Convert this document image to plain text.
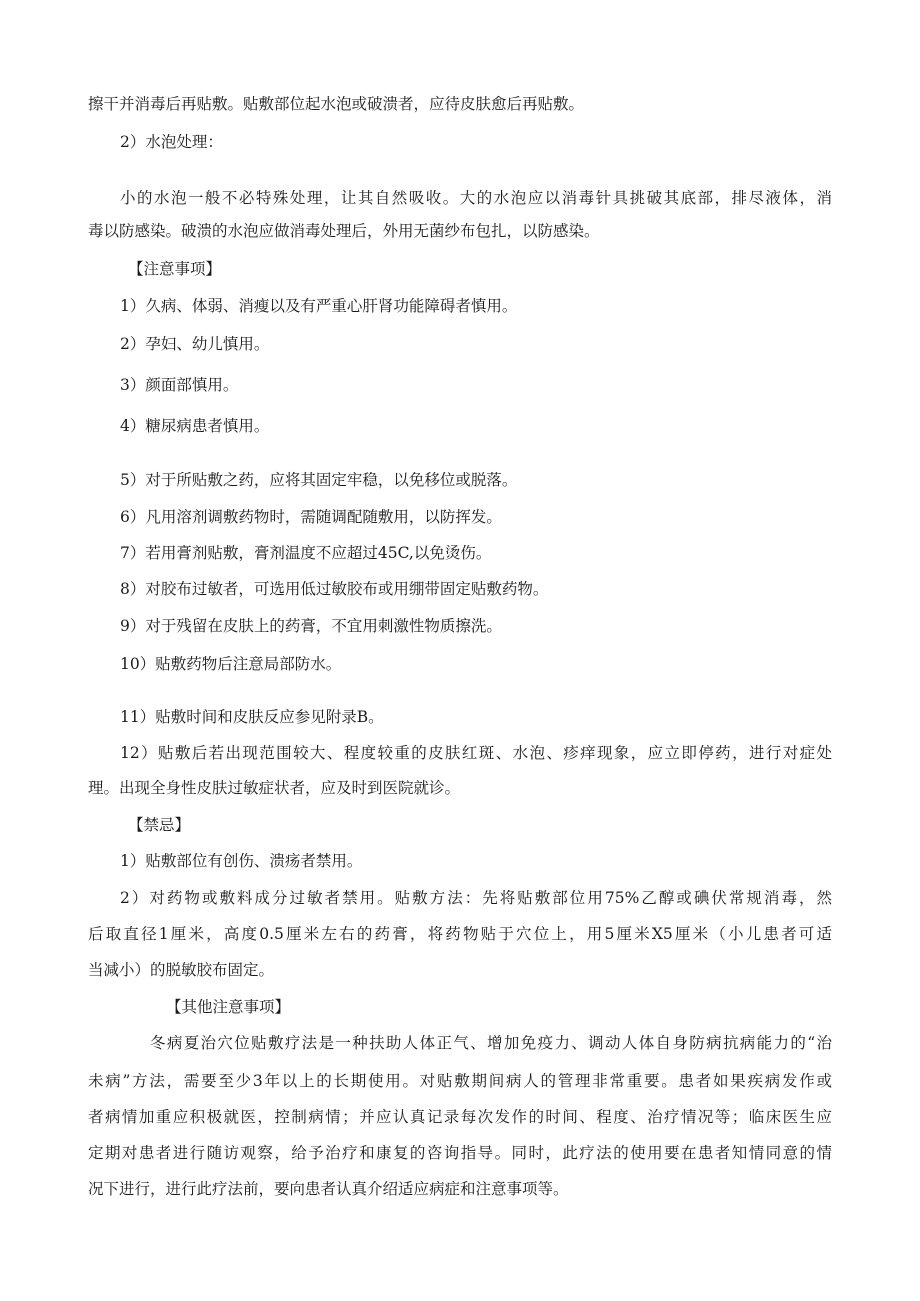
擦干并消毒后再贴敷。贴敷部位起水泡或破溃者，应待皮肤愈后再贴敷。

2）水泡处理：

小的水泡一般不必特殊处理，让其自然吸收。大的水泡应以消毒针具挑破其底部，排尽液体，消

毒以防感染。破溃的水泡应做消毒处理后，外用无菌纱布包扎，以防感染。

【注意事项】

1）久病、体弱、消瘦以及有严重心肝肾功能障碍者慎用。

2）孕妇、幼儿慎用。

3）颜面部慎用。

4）糖尿病患者慎用。

5）对于所贴敷之药，应将其固定牢稳，以免移位或脱落。

6）凡用溶剂调敷药物时，需随调配随敷用，以防挥发。

7）若用膏剂贴敷，膏剂温度不应超过45C,以免烫伤。

8）对胶布过敏者，可选用低过敏胶布或用绷带固定贴敷药物。

9）对于残留在皮肤上的药膏，不宜用刺激性物质擦洗。

10）贴敷药物后注意局部防水。

11）贴敷时间和皮肤反应参见附录B。

12）贴敷后若出现范围较大、程度较重的皮肤红斑、水泡、疹痒现象，应立即停药，进行对症处

理。出现全身性皮肤过敏症状者，应及时到医院就诊。

【禁忌】

1）贴敷部位有创伤、溃疡者禁用。

2）对药物或敷料成分过敏者禁用。贴敷方法：先将贴敷部位用75%乙醇或碘伏常规消毒，然

后取直径1厘米，高度0.5厘米左右的药膏，将药物贴于穴位上，用5厘米X5厘米（小儿患者可适

当减小）的脱敏胶布固定。

【其他注意事项】

冬病夏治穴位贴敷疗法是一种扶助人体正气、增加免疫力、调动人体自身防病抗病能力的“治

未病”方法，需要至少3年以上的长期使用。对贴敷期间病人的管理非常重要。患者如果疾病发作或

者病情加重应积极就医，控制病情；并应认真记录每次发作的时间、程度、治疗情况等；临床医生应

定期对患者进行随访观察，给予治疗和康复的咨询指导。同时，此疗法的使用要在患者知情同意的情

况下进行，进行此疗法前，要向患者认真介绍适应病症和注意事项等。
